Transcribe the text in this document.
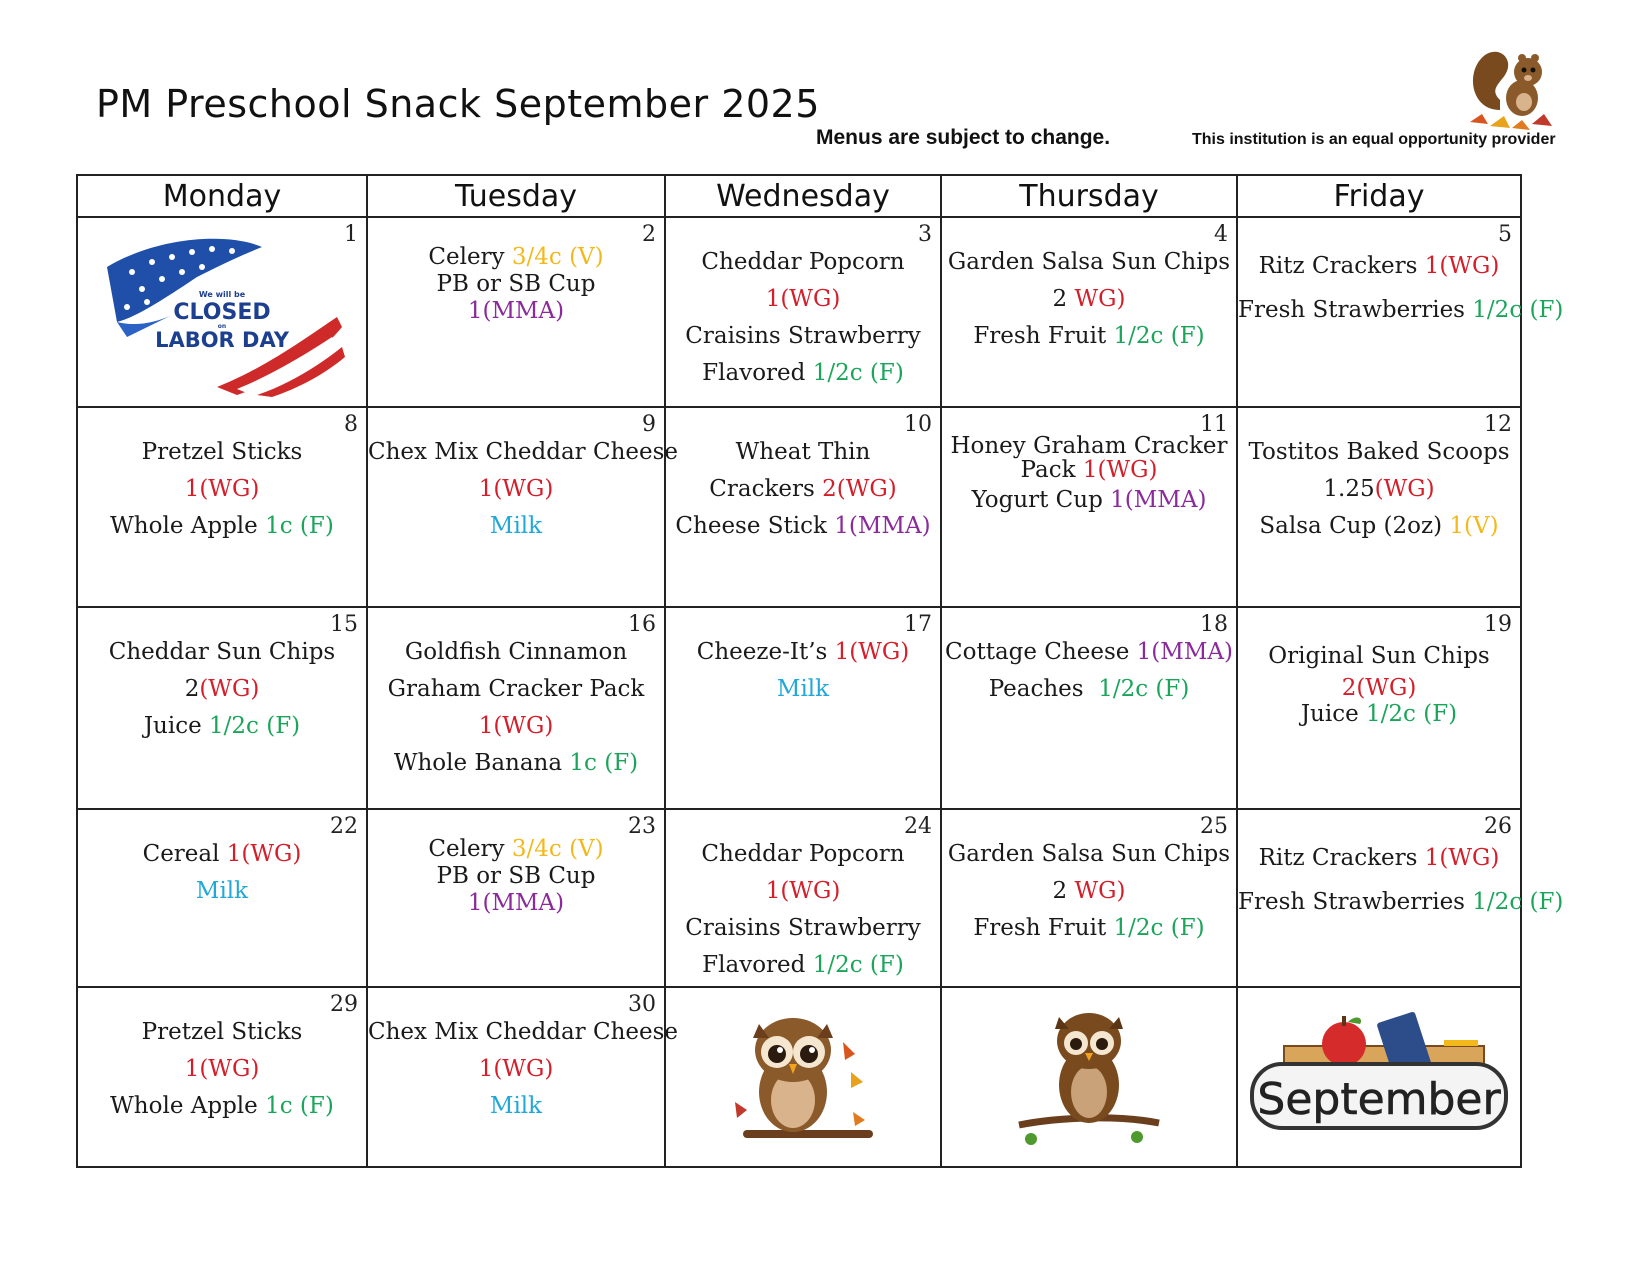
PM Preschool Snack September 2025
Menus are subject to change.	This institution is an equal opportunity provider
Monday	Tuesday	Wednesday	Thursday	Friday

1
We will be
CLOSED
on
LABOR DAY	2
Celery 3/4c (V)
PB or SB Cup
1(MMA)	3
Cheddar Popcorn
1(WG)
Craisins Strawberry
Flavored 1/2c (F)	4
Garden Salsa Sun Chips
2 WG)
Fresh Fruit 1/2c (F)	5
Ritz Crackers 1(WG)
Fresh Strawberries 1/2c (F)

8
Pretzel Sticks
1(WG)
Whole Apple 1c (F)	9
Chex Mix Cheddar Cheese
1(WG)
Milk	10
Wheat Thin
Crackers 2(WG)
Cheese Stick 1(MMA)	11
Honey Graham Cracker
Pack 1(WG)
Yogurt Cup 1(MMA)	12
Tostitos Baked Scoops
1.25(WG)
Salsa Cup (2oz) 1(V)

15
Cheddar Sun Chips
2(WG)
Juice 1/2c (F)	16
Goldfish Cinnamon
Graham Cracker Pack
1(WG)
Whole Banana 1c (F)	17
Cheeze-It’s 1(WG)
Milk	18
Cottage Cheese 1(MMA)
Peaches  1/2c (F)	19
Original Sun Chips
2(WG)
Juice 1/2c (F)

22
Cereal 1(WG)
Milk	23
Celery 3/4c (V)
PB or SB Cup
1(MMA)	24
Cheddar Popcorn
1(WG)
Craisins Strawberry
Flavored 1/2c (F)	25
Garden Salsa Sun Chips
2 WG)
Fresh Fruit 1/2c (F)	26
Ritz Crackers 1(WG)
Fresh Strawberries 1/2c (F)

29
Pretzel Sticks
1(WG)
Whole Apple 1c (F)	30
Chex Mix Cheddar Cheese
1(WG)
Milk			September
